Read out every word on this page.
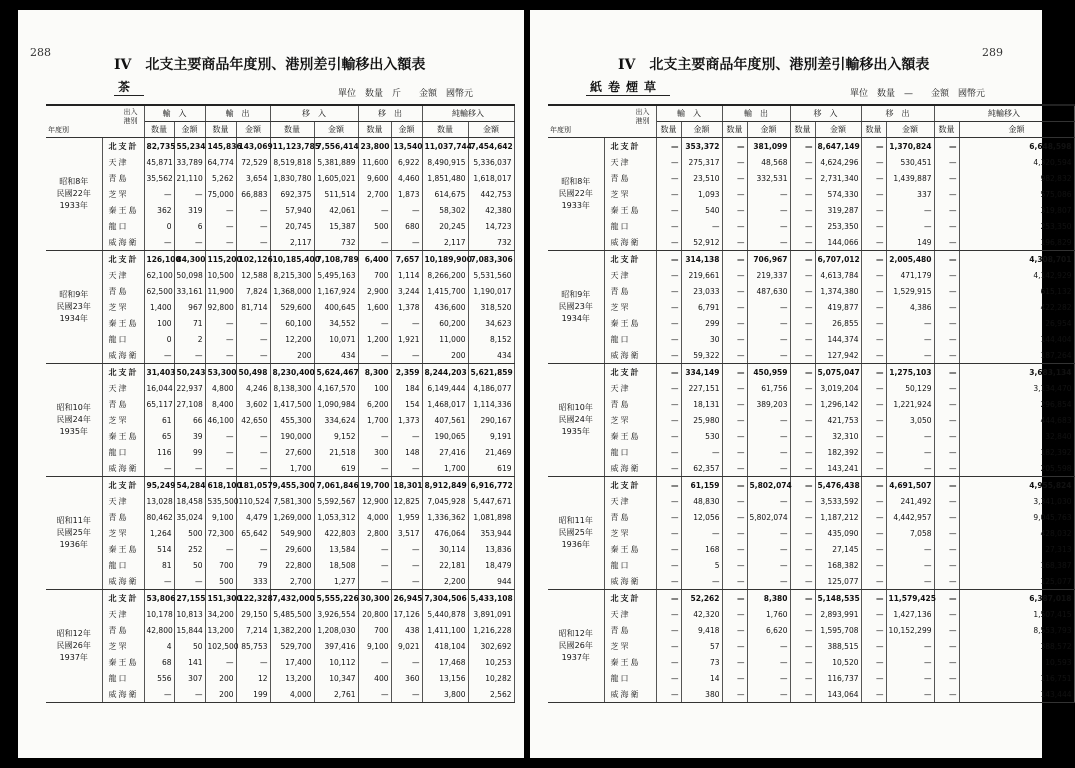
288
IV　北支主要商品年度別、港別差引輸移出入額表
茶	單位　数量　斤　　金額　國幣元
出入
港別
年度別		輸　入		輸　出		移　入		移　出		純輸移入	
		数量	金額	数量	金額	数量	金額	数量	金額	数量	金額

昭和8年
民國22年
1933年	北支計	82,735	55,234	145,836	143,069	11,123,785	7,556,414	23,800	13,540	11,037,744	7,454,642
	天津	45,871	33,789	64,774	72,529	8,519,818	5,381,889	11,600	6,922	8,490,915	5,336,037
	青島	35,562	21,110	5,262	3,654	1,830,780	1,605,021	9,600	4,460	1,851,480	1,618,017
	芝罘	—	—	75,000	66,883	692,375	511,514	2,700	1,873	614,675	442,753
	秦王島	362	319	—	—	57,940	42,061	—	—	58,302	42,380
	龍口	0	6	—	—	20,745	15,387	500	680	20,245	14,723
	威海衛	—	—	—	—	2,117	732	—	—	2,117	732

昭和9年
民國23年
1934年	北支計	126,100	84,300	115,200	102,126	10,185,400	7,108,789	6,400	7,657	10,189,900	7,083,306
	天津	62,100	50,098	10,500	12,588	8,215,300	5,495,163	700	1,114	8,266,200	5,531,560
	青島	62,500	33,161	11,900	7,824	1,368,000	1,167,924	2,900	3,244	1,415,700	1,190,017
	芝罘	1,400	967	92,800	81,714	529,600	400,645	1,600	1,378	436,600	318,520
	秦王島	100	71	—	—	60,100	34,552	—	—	60,200	34,623
	龍口	0	2	—	—	12,200	10,071	1,200	1,921	11,000	8,152
	威海衛	—	—	—	—	200	434	—	—	200	434

昭和10年
民國24年
1935年	北支計	31,403	50,243	53,300	50,498	8,230,400	5,624,467	8,300	2,359	8,244,203	5,621,859
	天津	16,044	22,937	4,800	4,246	8,138,300	4,167,570	100	184	6,149,444	4,186,077
	青島	65,117	27,108	8,400	3,602	1,417,500	1,090,984	6,200	154	1,468,017	1,114,336
	芝罘	61	66	46,100	42,650	455,300	334,624	1,700	1,373	407,561	290,167
	秦王島	65	39	—	—	190,000	9,152	—	—	190,065	9,191
	龍口	116	99	—	—	27,600	21,518	300	148	27,416	21,469
	威海衛	—	—	—	—	1,700	619	—	—	1,700	619

昭和11年
民國25年
1936年	北支計	95,249	54,284	618,100	181,057	9,455,300	7,061,846	19,700	18,301	8,912,849	6,916,772
	天津	13,028	18,458	535,500	110,524	7,581,300	5,592,567	12,900	12,825	7,045,928	5,447,671
	青島	80,462	35,024	9,100	4,479	1,269,000	1,053,312	4,000	1,959	1,336,362	1,081,898
	芝罘	1,264	500	72,300	65,642	549,900	422,803	2,800	3,517	476,064	353,944
	秦王島	514	252	—	—	29,600	13,584	—	—	30,114	13,836
	龍口	81	50	700	79	22,800	18,508	—	—	22,181	18,479
	威海衛	—	—	500	333	2,700	1,277	—	—	2,200	944

昭和12年
民國26年
1937年	北支計	53,806	27,155	151,300	122,328	7,432,000	5,555,226	30,300	26,945	7,304,506	5,433,108
	天津	10,178	10,813	34,200	29,150	5,485,500	3,926,554	20,800	17,126	5,440,878	3,891,091
	青島	42,800	15,844	13,200	7,214	1,382,200	1,208,030	700	438	1,411,100	1,216,228
	芝罘	4	50	102,500	85,753	529,700	397,416	9,100	9,021	418,104	302,692
	秦王島	68	141	—	—	17,400	10,112	—	—	17,468	10,253
	龍口	556	307	200	12	13,200	10,347	400	360	13,156	10,282
	威海衛	—	—	200	199	4,000	2,761	—	—	3,800	2,562
289
IV　北支主要商品年度別、港別差引輸移出入額表
紙卷煙草	單位　数量　—　　金額　國幣元
出入
港別
年度別		輸　入		輸　出		移　入		移　出		純輸移入	
		数量	金額	数量	金額	数量	金額	数量	金額	数量	金額

昭和8年
民國22年
1933年	北支計	—	353,372	—	381,099	—	8,647,149	—	1,370,824	—	6,648,598
	天津	—	275,317	—	48,568	—	4,624,296	—	530,451	—	4,320,594
	青島	—	23,510	—	332,531	—	2,731,340	—	1,439,887	—	982,832
	芝罘	—	1,093	—	—	—	574,330	—	337	—	575,086
	秦王島	—	540	—	—	—	319,287	—	—	—	319,807
	龍口	—	—	—	—	—	253,350	—	—	—	253,350
	威海衛	—	52,912	—	—	—	144,066	—	149	—	196,829

昭和9年
民國23年
1934年	北支計	—	314,138	—	706,967	—	6,707,012	—	2,005,480	—	4,308,701
	天津	—	219,661	—	219,337	—	4,613,784	—	471,179	—	4,142,929
	青島	—	23,033	—	487,630	—	1,374,380	—	1,529,915	—	615,132
	芝罘	—	6,791	—	—	—	419,877	—	4,386	—	422,282
	秦王島	—	299	—	—	—	26,855	—	—	—	26,954
	龍口	—	30	—	—	—	144,374	—	—	—	144,404
	威海衛	—	59,322	—	—	—	127,942	—	—	—	187,264

昭和10年
民國24年
1935年	北支計	—	334,149	—	450,959	—	5,075,047	—	1,275,103	—	3,683,134
	天津	—	227,151	—	61,756	—	3,019,204	—	50,129	—	3,134,470
	青島	—	18,131	—	389,203	—	1,296,142	—	1,221,924	—	296,854
	芝罘	—	25,980	—	—	—	421,753	—	3,050	—	444,683
	秦王島	—	530	—	—	—	32,310	—	—	—	32,840
	龍口	—	—	—	—	—	182,392	—	—	—	182,392
	威海衛	—	62,357	—	—	—	143,241	—	—	—	205,598

昭和11年
民國25年
1936年	北支計	—	61,159	—	5,802,074	—	5,476,438	—	4,691,507	—	4,955,824
	天津	—	48,830	—	—	—	3,533,592	—	241,492	—	3,341,030
	青島	—	12,056	—	5,802,074	—	1,187,212	—	4,442,957	—	9,045,763
	芝罘	—	—	—	—	—	435,090	—	7,058	—	428,032
	秦王島	—	168	—	—	—	27,145	—	—	—	27,313
	龍口	—	5	—	—	—	168,382	—	—	—	168,387
	威海衛	—	—	—	—	—	125,077	—	—	—	125,077

昭和12年
民國26年
1937年	北支計	—	52,262	—	8,380	—	5,148,535	—	11,579,425	—	6,387,018
	天津	—	42,320	—	1,760	—	2,893,991	—	1,427,136	—	1,507,415
	青島	—	9,418	—	6,620	—	1,595,708	—	10,152,299	—	8,553,793
	芝罘	—	57	—	—	—	388,515	—	—	—	388,572
	秦王島	—	73	—	—	—	10,520	—	—	—	10,593
	龍口	—	14	—	—	—	116,737	—	—	—	116,751
	威海衛	—	380	—	—	—	143,064	—	—	—	143,444
